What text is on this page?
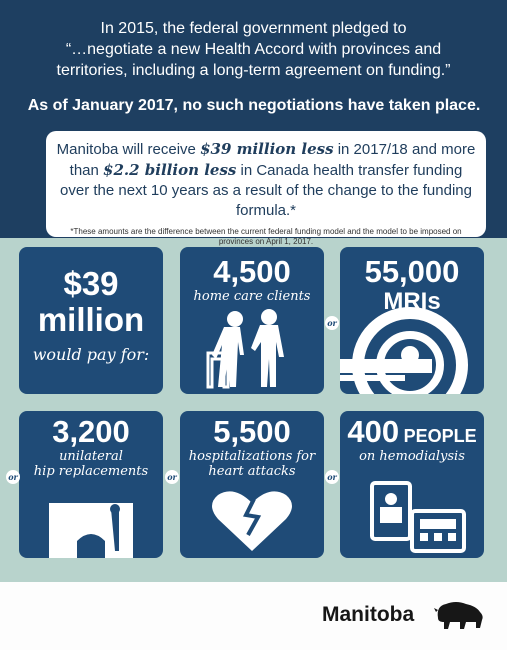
In 2015, the federal government pledged to
“…negotiate a new Health Accord with provinces and
territories, including a long-term agreement on funding.”
As of January 2017, no such negotiations have taken place.
Manitoba will receive $39 million less in 2017/18 and more than $2.2 billion less in Canada health transfer funding over the next 10 years as a result of the change to the funding formula.*
*These amounts are the difference between the current federal funding model and the model to be imposed on provinces on April 1, 2017.
$39
million
would pay for:
4,500
home care clients
55,000
MRIs
3,200
unilateral
hip replacements
5,500
hospitalizations for
heart attacks
400 PEOPLE
on hemodialysis
or
or	or	or
Manitoba
